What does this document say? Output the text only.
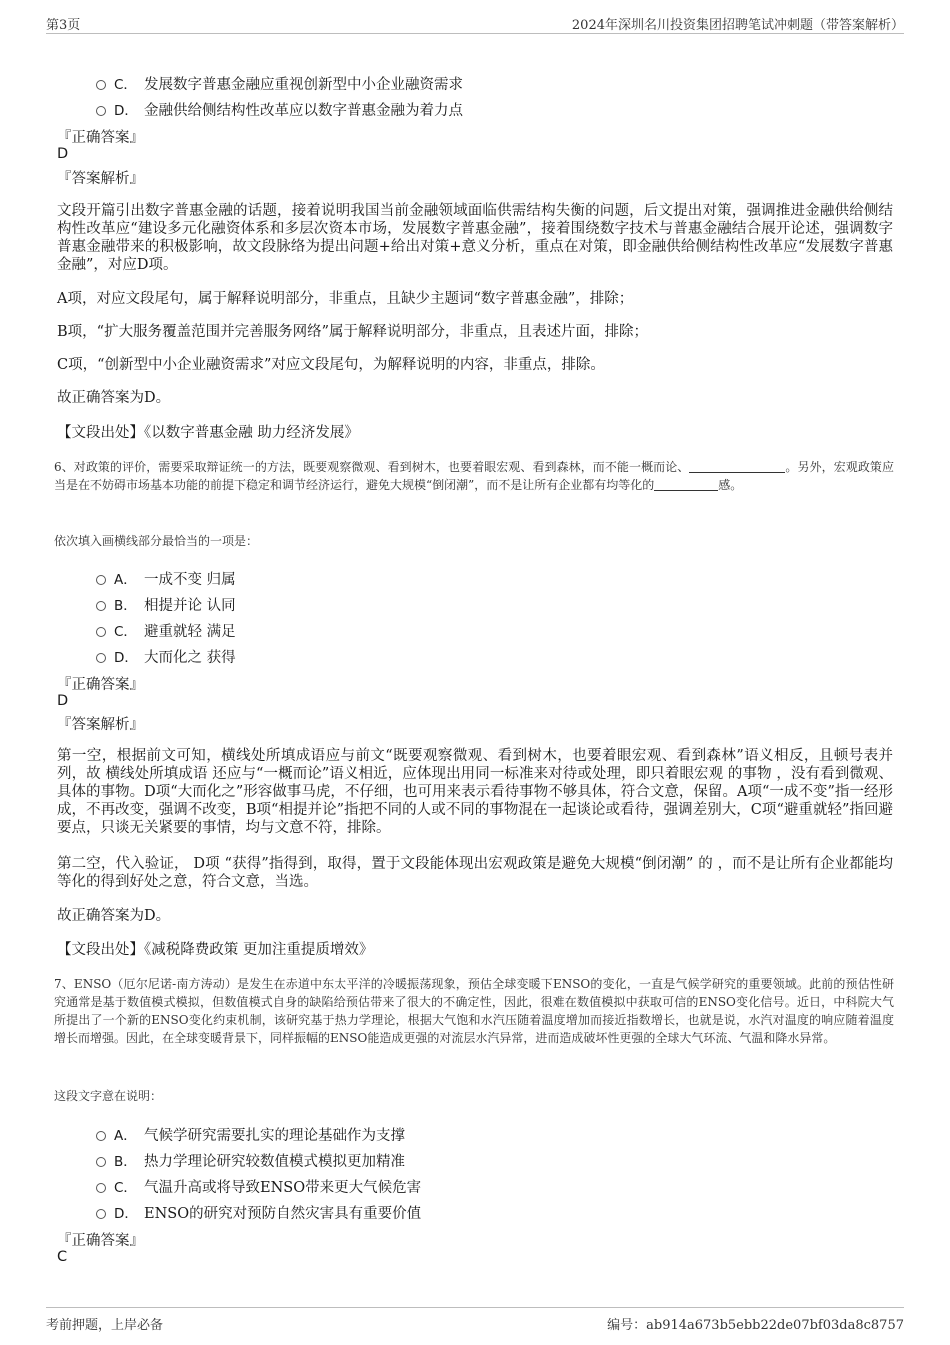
第3页	2024年深圳名川投资集团招聘笔试冲刺题（带答案解析）
C． 发展数字普惠金融应重视创新型中小企业融资需求
D． 金融供给侧结构性改革应以数字普惠金融为着力点
『正确答案』
D
『答案解析』
文段开篇引出数字普惠金融的话题，接着说明我国当前金融领域面临供需结构失衡的问题，后文提出对策，强调推进金融供给侧结构性改革应“建设多元化融资体系和多层次资本市场，发展数字普惠金融”，接着围绕数字技术与普惠金融结合展开论述，强调数字普惠金融带来的积极影响，故文段脉络为提出问题+给出对策+意义分析，重点在对策，即金融供给侧结构性改革应“发展数字普惠金融”，对应D项。
A项，对应文段尾句，属于解释说明部分，非重点，且缺少主题词“数字普惠金融”，排除；
B项，“扩大服务覆盖范围并完善服务网络”属于解释说明部分，非重点，且表述片面，排除；
C项，“创新型中小企业融资需求”对应文段尾句，为解释说明的内容，非重点，排除。
故正确答案为D。
【文段出处】《以数字普惠金融 助力经济发展》
6、对政策的评价，需要采取辩证统一的方法，既要观察微观、看到树木，也要着眼宏观、看到森林，而不能一概而论、	。另外，宏观政策应当是在不妨碍市场基本功能的前提下稳定和调节经济运行，避免大规模“倒闭潮”，而不是让所有企业都有均等化的	感。
依次填入画横线部分最恰当的一项是：
A． 一成不变 归属
B． 相提并论 认同
C． 避重就轻 满足
D． 大而化之 获得
『正确答案』
D
『答案解析』
第一空，根据前文可知，横线处所填成语应与前文“既要观察微观、看到树木，也要着眼宏观、看到森林”语义相反，且顿号表并列，故 横线处所填成语 还应与“一概而论”语义相近，应体现出用同一标准来对待或处理，即只着眼宏观 的事物 ，没有看到微观、具体的事物。D项“大而化之”形容做事马虎，不仔细，也可用来表示看待事物不够具体，符合文意，保留。A项“一成不变”指一经形成，不再改变，强调不改变，B项“相提并论”指把不同的人或不同的事物混在一起谈论或看待，强调差别大，C项“避重就轻”指回避要点，只谈无关紧要的事情，均与文意不符，排除。
第二空，代入验证， D项 “获得”指得到，取得，置于文段能体现出宏观政策是避免大规模“倒闭潮” 的 ，而不是让所有企业都能均等化的得到好处之意，符合文意，当选。
故正确答案为D。
【文段出处】《减税降费政策 更加注重提质增效》
7、ENSO（厄尔尼诺-南方涛动）是发生在赤道中东太平洋的冷暖振荡现象，预估全球变暖下ENSO的变化，一直是气候学研究的重要领域。此前的预估性研究通常是基于数值模式模拟，但数值模式自身的缺陷给预估带来了很大的不确定性，因此，很难在数值模拟中获取可信的ENSO变化信号。近日，中科院大气所提出了一个新的ENSO变化约束机制，该研究基于热力学理论，根据大气饱和水汽压随着温度增加而接近指数增长，也就是说，水汽对温度的响应随着温度增长而增强。因此，在全球变暖背景下，同样振幅的ENSO能造成更强的对流层水汽异常，进而造成破坏性更强的全球大气环流、气温和降水异常。
这段文字意在说明：
A． 气候学研究需要扎实的理论基础作为支撑
B． 热力学理论研究较数值模式模拟更加精准
C． 气温升高或将导致ENSO带来更大气候危害
D． ENSO的研究对预防自然灾害具有重要价值
『正确答案』
C
考前押题，上岸必备	编号：ab914a673b5ebb22de07bf03da8c8757
